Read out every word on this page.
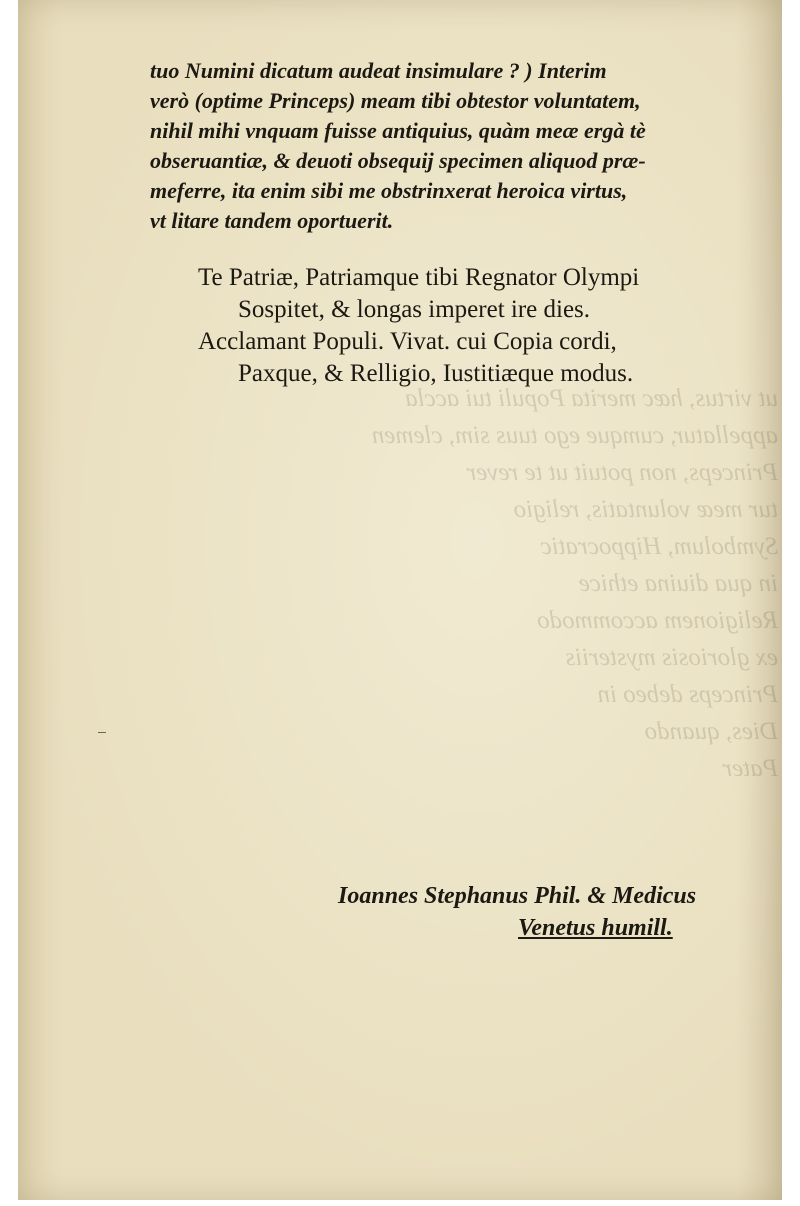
ut virtus, hæc merita Populi tui accla
appellatur, cumque ego tuus sim, clemen
Princeps, non potuit ut te rever
tur meæ voluntatis, religio
Symbolum, Hippocratic
in qua diuina ethice
Religionem accommodo
ex gloriosis mysteriis
Princeps debeo in
Dies, quando
Pater

tuo Numini dicatum audeat insimulare ? ) Interim
verò (optime Princeps) meam tibi obtestor voluntatem,
nihil mihi vnquam fuisse antiquius, quàm meæ ergà tè
obseruantiæ, & deuoti obsequij specimen aliquod præ-
meferre, ita enim sibi me obstrinxerat heroica virtus,
vt litare tandem oportuerit.
Te Patriæ, Patriamque tibi Regnator Olympi
Sospitet, & longas imperet ire dies.
Acclamant Populi. Vivat. cui Copia cordi,
Paxque, & Relligio, Iustitiæque modus.
Ioannes Stephanus Phil. & Medicus
Venetus humill.
